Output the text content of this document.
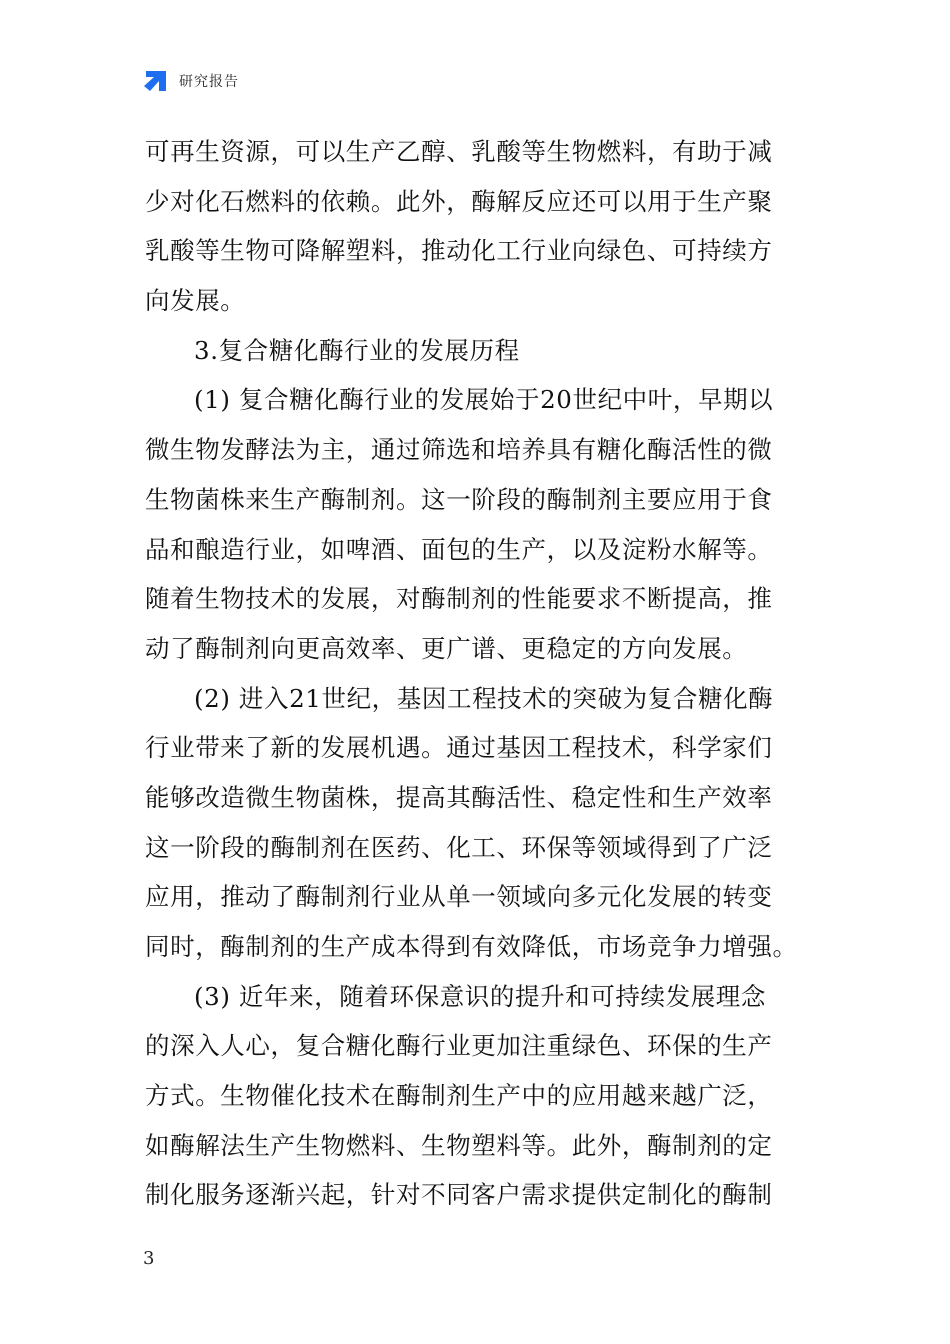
研究报告
可再生资源，可以生产乙醇、乳酸等生物燃料，有助于减
少对化石燃料的依赖。此外，酶解反应还可以用于生产聚
乳酸等生物可降解塑料，推动化工行业向绿色、可持续方
向发展。
3.复合糖化酶行业的发展历程
(1) 复合糖化酶行业的发展始于20世纪中叶，早期以
微生物发酵法为主，通过筛选和培养具有糖化酶活性的微
生物菌株来生产酶制剂。这一阶段的酶制剂主要应用于食
品和酿造行业，如啤酒、面包的生产，以及淀粉水解等。
随着生物技术的发展，对酶制剂的性能要求不断提高，推
动了酶制剂向更高效率、更广谱、更稳定的方向发展。
(2) 进入21世纪，基因工程技术的突破为复合糖化酶
行业带来了新的发展机遇。通过基因工程技术，科学家们
能够改造微生物菌株，提高其酶活性、稳定性和生产效率
这一阶段的酶制剂在医药、化工、环保等领域得到了广泛
应用，推动了酶制剂行业从单一领域向多元化发展的转变
同时，酶制剂的生产成本得到有效降低，市场竞争力增强。
(3) 近年来，随着环保意识的提升和可持续发展理念
的深入人心，复合糖化酶行业更加注重绿色、环保的生产
方式。生物催化技术在酶制剂生产中的应用越来越广泛，
如酶解法生产生物燃料、生物塑料等。此外，酶制剂的定
制化服务逐渐兴起，针对不同客户需求提供定制化的酶制
3
